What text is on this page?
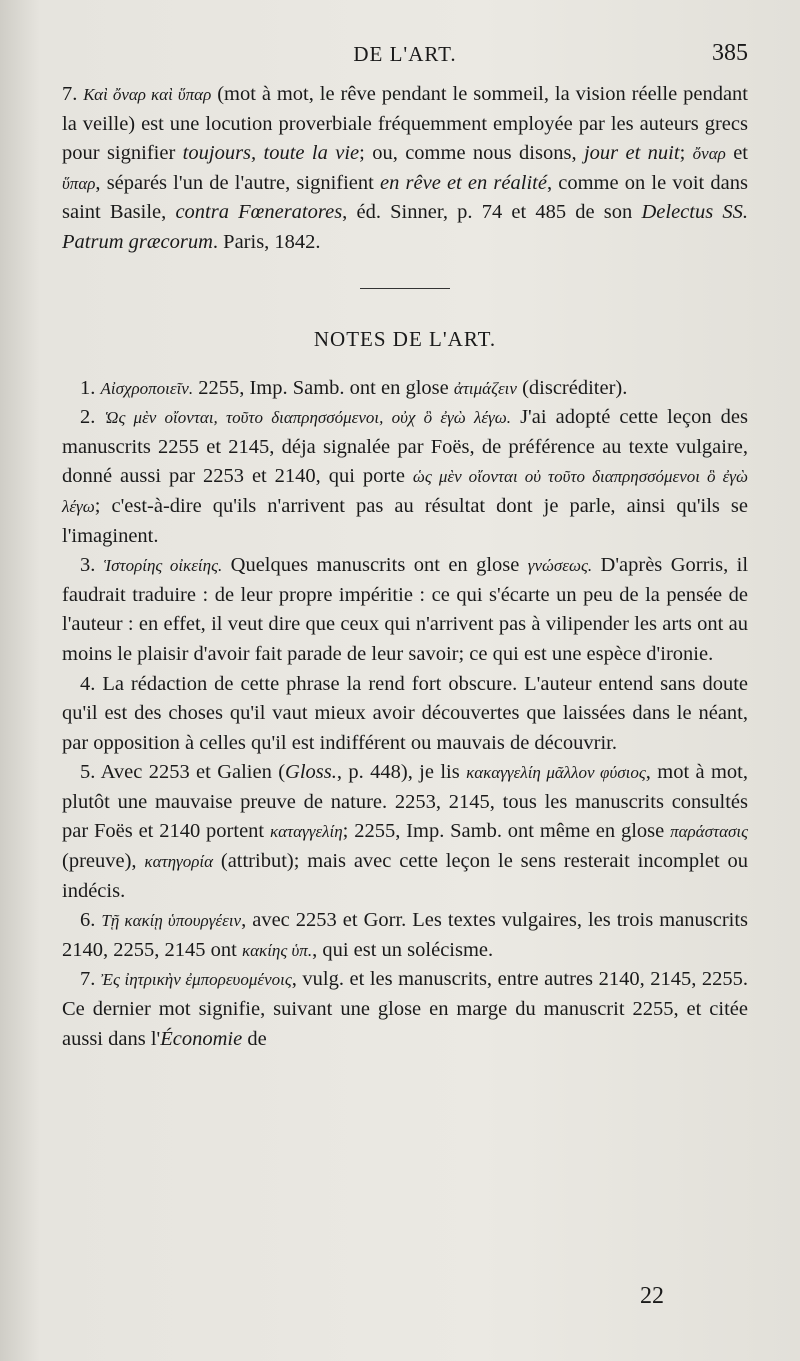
DE L'ART.	385

7. Καὶ ὄναρ καὶ ὕπαρ (mot à mot, le rêve pendant le sommeil, la vision réelle pendant la veille) est une locution proverbiale fréquemment employée par les auteurs grecs pour signifier toujours, toute la vie; ou, comme nous disons, jour et nuit; ὄναρ et ὕπαρ, séparés l'un de l'autre, signifient en rêve et en réalité, comme on le voit dans saint Basile, contra Fœneratores, éd. Sinner, p. 74 et 485 de son Delectus SS. Patrum græcorum. Paris, 1842.

NOTES DE L'ART.

1. Αἰσχροποιεῖν. 2255, Imp. Samb. ont en glose ἀτιμάζειν (discréditer).

2. Ὡς μὲν οἴονται, τοῦτο διαπρησσόμενοι, οὐχ ὃ ἐγὼ λέγω. J'ai adopté cette leçon des manuscrits 2255 et 2145, déja signalée par Foës, de préférence au texte vulgaire, donné aussi par 2253 et 2140, qui porte ὡς μὲν οἴονται οὐ τοῦτο διαπρησσόμενοι ὃ ἐγὼ λέγω; c'est-à-dire qu'ils n'arrivent pas au résultat dont je parle, ainsi qu'ils se l'imaginent.

3. Ἱστορίης οἰκείης. Quelques manuscrits ont en glose γνώσεως. D'après Gorris, il faudrait traduire : de leur propre impéritie : ce qui s'écarte un peu de la pensée de l'auteur : en effet, il veut dire que ceux qui n'arrivent pas à vilipender les arts ont au moins le plaisir d'avoir fait parade de leur savoir; ce qui est une espèce d'ironie.

4. La rédaction de cette phrase la rend fort obscure. L'auteur entend sans doute qu'il est des choses qu'il vaut mieux avoir découvertes que laissées dans le néant, par opposition à celles qu'il est indifférent ou mauvais de découvrir.

5. Avec 2253 et Galien (Gloss., p. 448), je lis κακαγγελίη μᾶλλον φύσιος, mot à mot, plutôt une mauvaise preuve de nature. 2253, 2145, tous les manuscrits consultés par Foës et 2140 portent καταγγελίη; 2255, Imp. Samb. ont même en glose παράστασις (preuve), κατηγορία (attribut); mais avec cette leçon le sens resterait incomplet ou indécis.

6. Τῇ κακίῃ ὑπουργέειν, avec 2253 et Gorr. Les textes vulgaires, les trois manuscrits 2140, 2255, 2145 ont κακίης ὑπ., qui est un solécisme.

7. Ἐς ἰητρικὴν ἐμπορευομένοις, vulg. et les manuscrits, entre autres 2140, 2145, 2255. Ce dernier mot signifie, suivant une glose en marge du manuscrit 2255, et citée aussi dans l'Économie de

22
